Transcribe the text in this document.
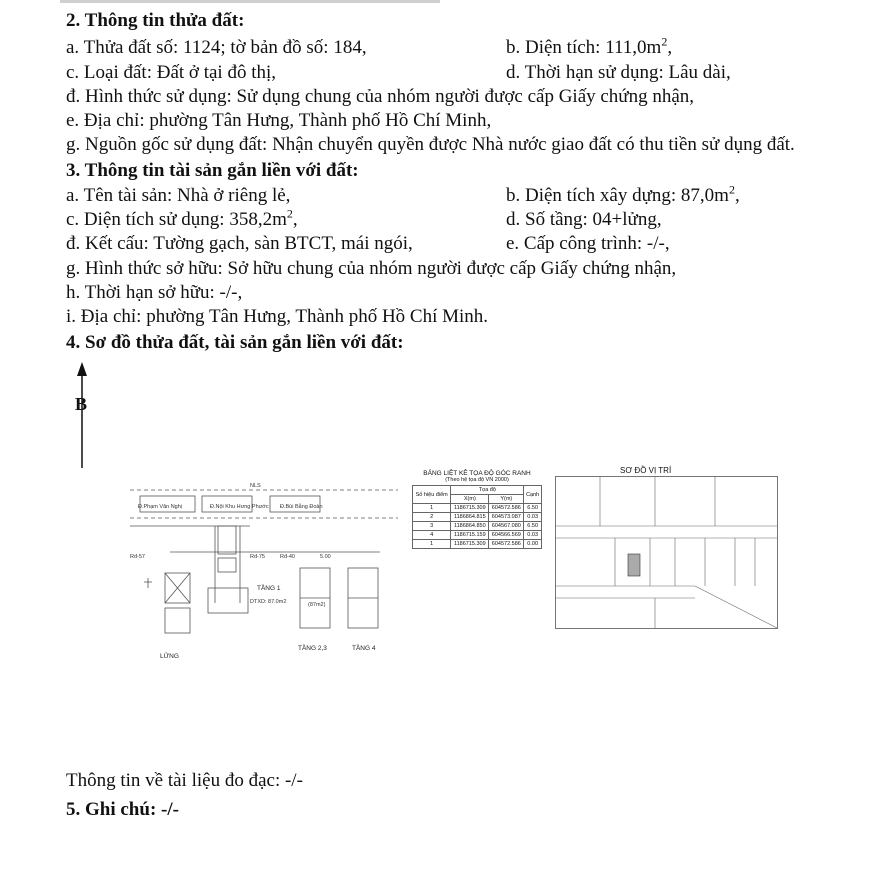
2. Thông tin thửa đất:
a. Thửa đất số: 1124; tờ bản đồ số: 184,	b. Diện tích: $111,0m^2$,
c. Loại đất: Đất ở tại đô thị,	d. Thời hạn sử dụng: Lâu dài,
đ. Hình thức sử dụng: Sử dụng chung của nhóm người được cấp Giấy chứng nhận,
e. Địa chỉ: phường Tân Hưng, Thành phố Hồ Chí Minh,
g. Nguồn gốc sử dụng đất: Nhận chuyển quyền được Nhà nước giao đất có thu tiền sử dụng đất.
3. Thông tin tài sản gắn liền với đất:
a. Tên tài sản: Nhà ở riêng lẻ,	b. Diện tích xây dựng: $87,0m^2$,
c. Diện tích sử dụng: $358,2m^2$,	d. Số tầng: 04+lửng,
đ. Kết cấu: Tường gạch, sàn BTCT, mái ngói,	e. Cấp công trình: -/-,
g. Hình thức sở hữu: Sở hữu chung của nhóm người được cấp Giấy chứng nhận,
h. Thời hạn sở hữu: -/-,
i. Địa chỉ: phường Tân Hưng, Thành phố Hồ Chí Minh.
4. Sơ đồ thửa đất, tài sản gắn liền với đất:
B
NLS
Đ.Phạm Văn Nghị	Đ.Nội Khu Hưng Phước Đ.Bùi Bằng Đoàn
Rđ-57	Rđ-75	Rđ-40	5.00
DTXD: 87.0m2	(87m2)
TẦNG 1
TẦNG 2,3	TẦNG 4
LỬNG
BẢNG LIỆT KÊ TỌA ĐỘ GÓC RANH
(Theo hệ tọa độ VN 2000)
Số hiệu điểm	Tọa độ		Cạnh
	X(m)	Y(m)	
1	1186715.309	604572.586	6.50
2	1186864.815	604573.087	0.03
3	1186864.850	604567.080	6.50
4	1186715.159	604566.569	0.03
1	1186715.309	604572.586	0.00
SƠ ĐỒ VỊ TRÍ
Thông tin về tài liệu đo đạc: -/-
5. Ghi chú: -/-
